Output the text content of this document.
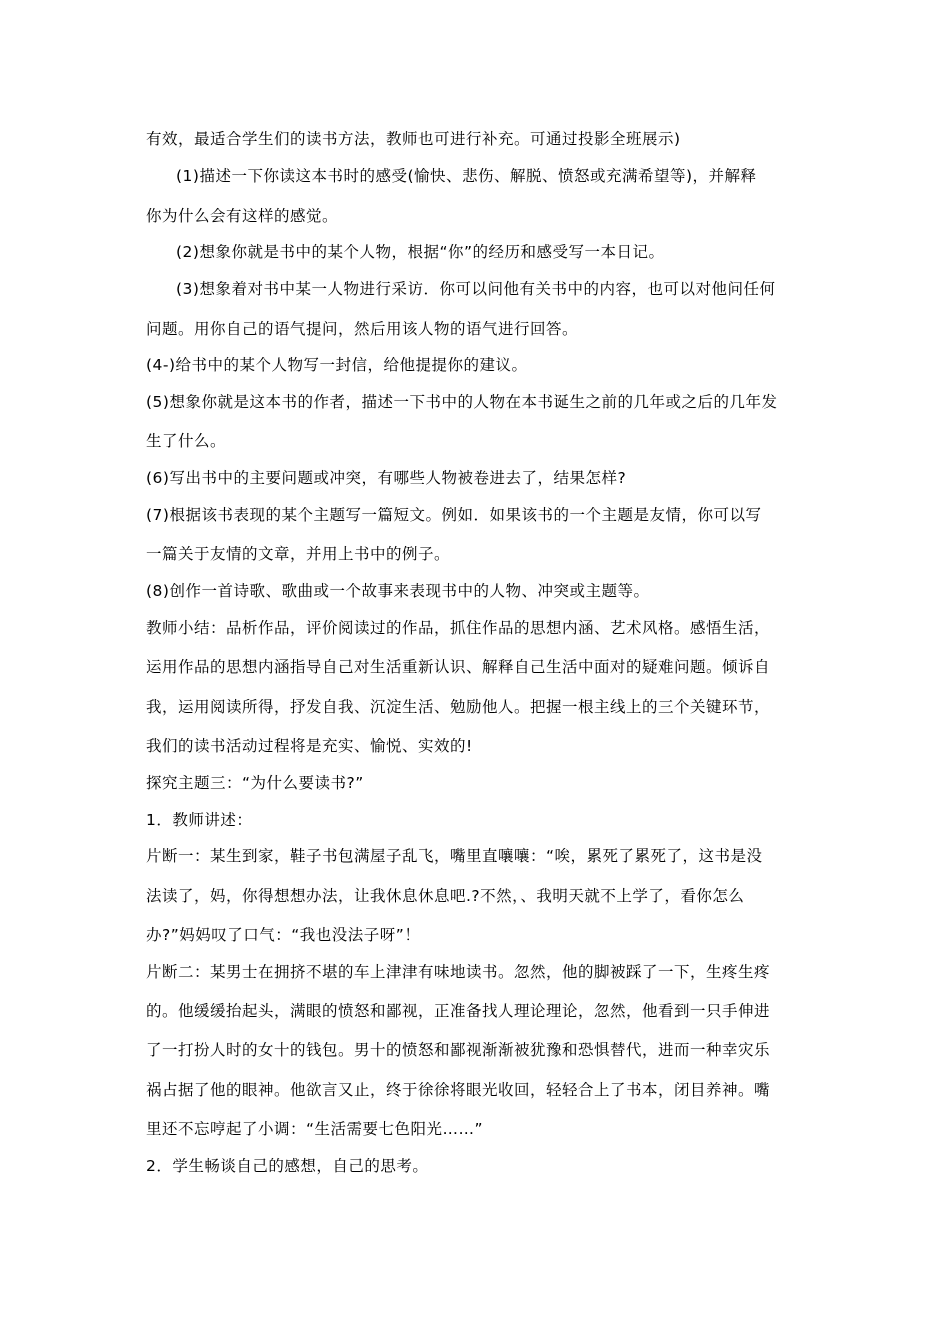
有效，最适合学生们的读书方法，教师也可进行补充。可通过投影全班展示)
(1)描述一下你读这本书时的感受(愉快、悲伤、解脱、愤怒或充满希望等)，并解释
你为什么会有这样的感觉。
(2)想象你就是书中的某个人物，根据“你”的经历和感受写一本日记。
(3)想象着对书中某一人物进行采访．你可以问他有关书中的内容，也可以对他问任何
问题。用你自己的语气提问，然后用该人物的语气进行回答。
(4-)给书中的某个人物写一封信，给他提提你的建议。
(5)想象你就是这本书的作者，描述一下书中的人物在本书诞生之前的几年或之后的几年发
生了什么。
(6)写出书中的主要问题或冲突，有哪些人物被卷进去了，结果怎样?
(7)根据该书表现的某个主题写一篇短文。例如．如果该书的一个主题是友情，你可以写
一篇关于友情的文章，并用上书中的例子。
(8)创作一首诗歌、歌曲或一个故事来表现书中的人物、冲突或主题等。
教师小结：品析作品，评价阅读过的作品，抓住作品的思想内涵、艺术风格。感悟生活，
运用作品的思想内涵指导自己对生活重新认识、解释自己生活中面对的疑难问题。倾诉自
我，运用阅读所得，抒发自我、沉淀生活、勉励他人。把握一根主线上的三个关键环节，
我们的读书活动过程将是充实、愉悦、实效的!
探究主题三：“为什么要读书?”
1．教师讲述：
片断一：某生到家，鞋子书包满屋子乱飞，嘴里直嚷嚷：“唉，累死了累死了，这书是没
法读了，妈，你得想想办法，让我休息休息吧.?不然，、我明天就不上学了，看你怎么
办?”妈妈叹了口气：“我也没法子呀”！
片断二：某男士在拥挤不堪的车上津津有味地读书。忽然，他的脚被踩了一下，生疼生疼
的。他缓缓抬起头，满眼的愤怒和鄙视，正准备找人理论理论，忽然，他看到一只手伸进
了一打扮人时的女十的钱包。男十的愤怒和鄙视渐渐被犹豫和恐惧替代，进而一种幸灾乐
祸占据了他的眼神。他欲言又止，终于徐徐将眼光收回，轻轻合上了书本，闭目养神。嘴
里还不忘哼起了小调：“生活需要七色阳光……”
2．学生畅谈自己的感想，自己的思考。
